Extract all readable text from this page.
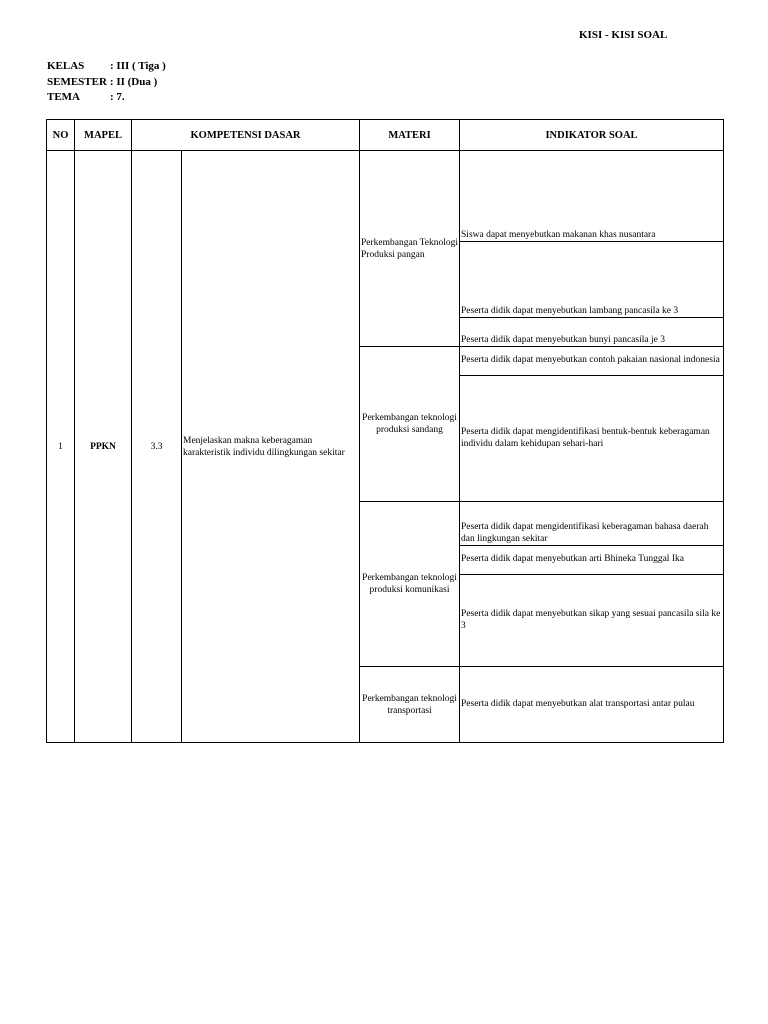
KISI - KISI SOAL
KELAS	: III ( Tiga )
SEMESTER : II (Dua )
TEMA	: 7.
NO	MAPEL	KOMPETENSI DASAR		MATERI	INDIKATOR SOAL
1	PPKN	3.3	Menjelaskan makna keberagaman karakteristik individu dilingkungan sekitar	Perkembangan Teknologi Produksi pangan	Siswa dapat menyebutkan makanan khas nusantara
					Peserta didik dapat menyebutkan lambang pancasila ke 3
					Peserta didik dapat menyebutkan bunyi pancasila je 3
				Perkembangan teknologi produksi sandang	Peserta didik dapat menyebutkan contoh pakaian nasional indonesia
					Peserta didik dapat mengidentifikasi bentuk-bentuk keberagaman individu dalam kehidupan sehari-hari
				Perkembangan teknologi produksi komunikasi	Peserta didik dapat mengidentifikasi keberagaman bahasa daerah dan lingkungan sekitar
					Peserta didik dapat menyebutkan arti Bhineka Tunggal Ika
					Peserta didik dapat menyebutkan sikap yang sesuai pancasila sila ke 3
				Perkembangan teknologi transportasi	Peserta didik dapat menyebutkan alat transportasi antar pulau
